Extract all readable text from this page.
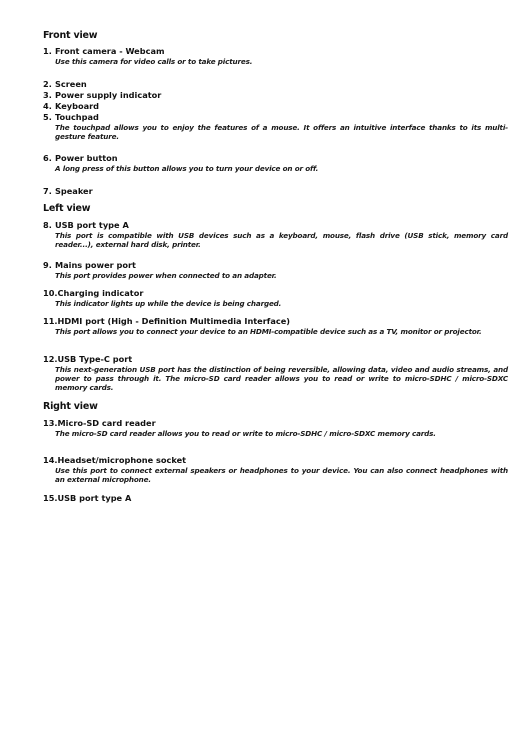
Front view
1. Front camera - Webcam
Use this camera for video calls or to take pictures.
2. Screen
3. Power supply indicator
4. Keyboard
5. Touchpad
The touchpad allows you to enjoy the features of a mouse. It offers an intuitive interface thanks to its multi-gesture feature.
6. Power button
A long press of this button allows you to turn your device on or off.
7. Speaker
Left view
8. USB port type A
This port is compatible with USB devices such as a keyboard, mouse, flash drive (USB stick, memory card reader...), external hard disk, printer.
9. Mains power port
This port provides power when connected to an adapter.
10. Charging indicator
This indicator lights up while the device is being charged.
11. HDMI port (High - Definition Multimedia Interface)
This port allows you to connect your device to an HDMI-compatible device such as a TV, monitor or projector.
12. USB Type-C port
This next-generation USB port has the distinction of being reversible, allowing data, video and audio streams, and power to pass through it. The micro-SD card reader allows you to read or write to micro-SDHC / micro-SDXC memory cards.
Right view
13. Micro-SD card reader
The micro-SD card reader allows you to read or write to micro-SDHC / micro-SDXC memory cards.
14. Headset/microphone socket
Use this port to connect external speakers or headphones to your device. You can also connect headphones with an external microphone.
15. USB port type A
